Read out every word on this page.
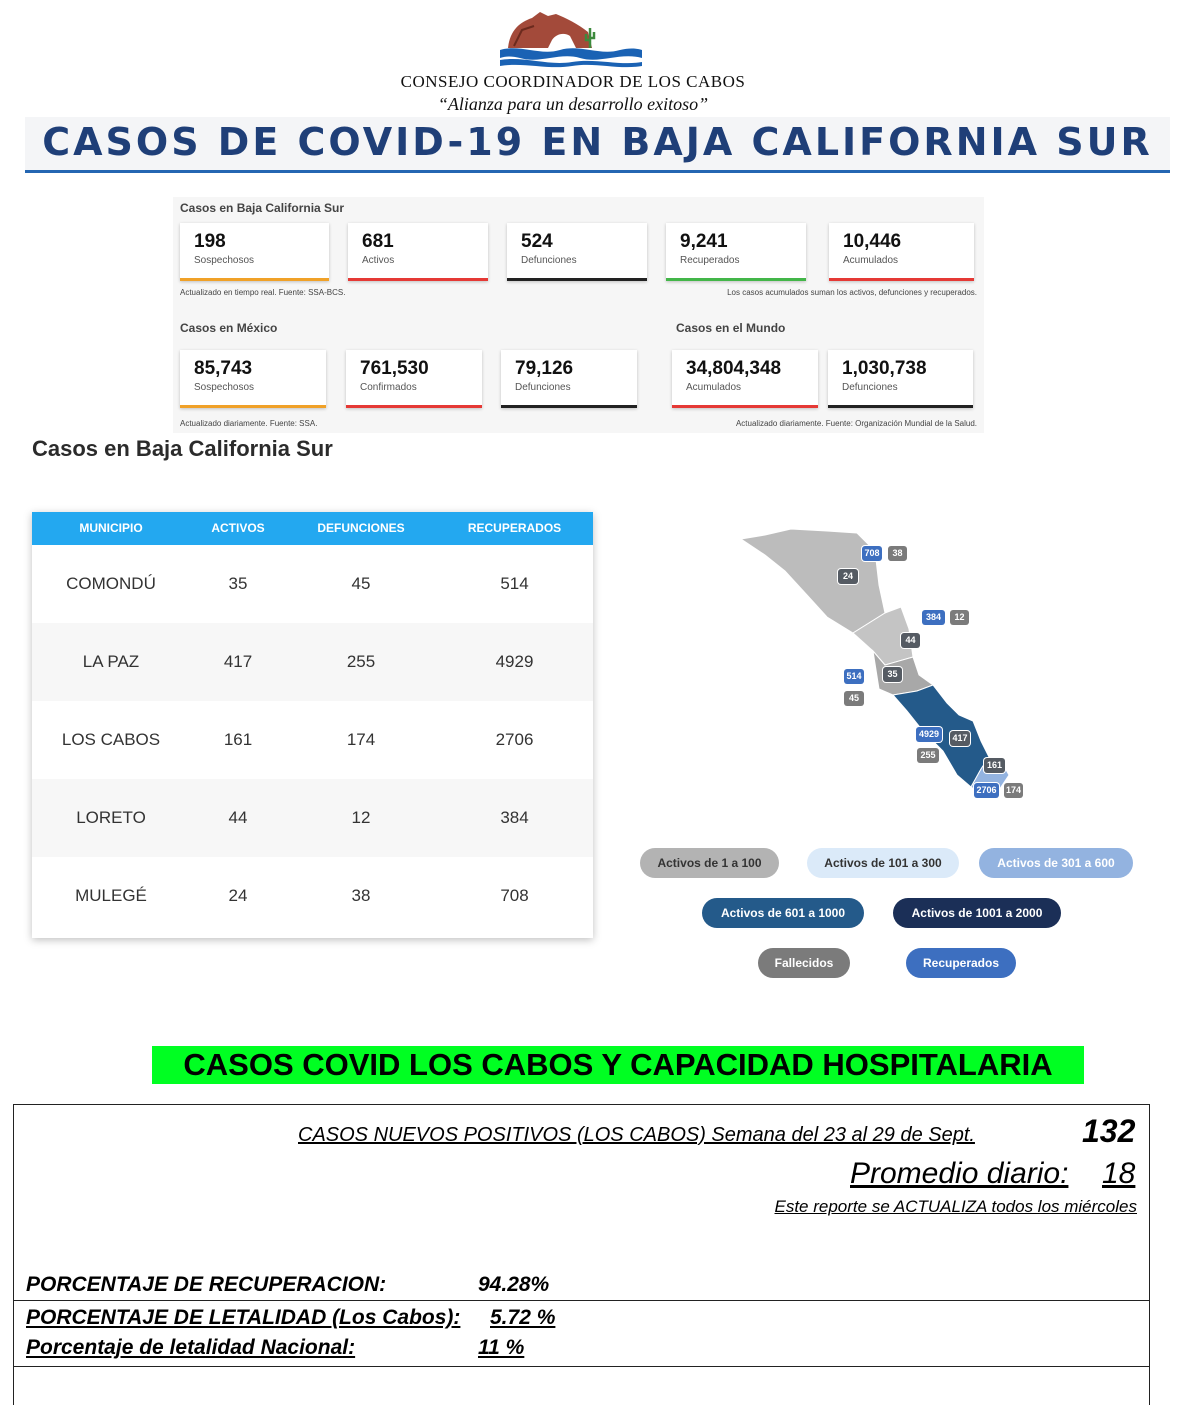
CONSEJO COORDINADOR DE LOS CABOS
“Alianza para un desarrollo exitoso”
CASOS DE COVID-19 EN BAJA CALIFORNIA SUR
Casos en Baja California Sur
198
Sospechosos
681
Activos
524
Defunciones
9,241
Recuperados
10,446
Acumulados
Actualizado en tiempo real. Fuente: SSA-BCS.	Los casos acumulados suman los activos, defunciones y recuperados.
Casos en México	Casos en el Mundo
85,743
Sospechosos
761,530
Confirmados
79,126
Defunciones
34,804,348
Acumulados
1,030,738
Defunciones
Actualizado diariamente. Fuente: SSA.	Actualizado diariamente. Fuente: Organización Mundial de la Salud.
Casos en Baja California Sur
MUNICIPIO	ACTIVOS	DEFUNCIONES	RECUPERADOS
COMONDÚ	35	45	514
LA PAZ	417	255	4929
LOS CABOS	161	174	2706
LORETO	44	12	384
MULEGÉ	24	38	708
708	38
24
384	12
44
514	35
45
4929	417
255
161
2706 174
Activos de 1 a 100	Activos de 101 a 300	Activos de 301 a 600
Activos de 601 a 1000	Activos de 1001 a 2000
Fallecidos	Recuperados
CASOS COVID LOS CABOS Y CAPACIDAD HOSPITALARIA
CASOS NUEVOS POSITIVOS (LOS CABOS) Semana del 23 al 29 de Sept.	132
Promedio diario: 18
Este reporte se ACTUALIZA todos los miércoles
PORCENTAJE DE RECUPERACION:	94.28%
PORCENTAJE DE LETALIDAD (Los Cabos): 5.72 %
Porcentaje de letalidad Nacional:	11 %
